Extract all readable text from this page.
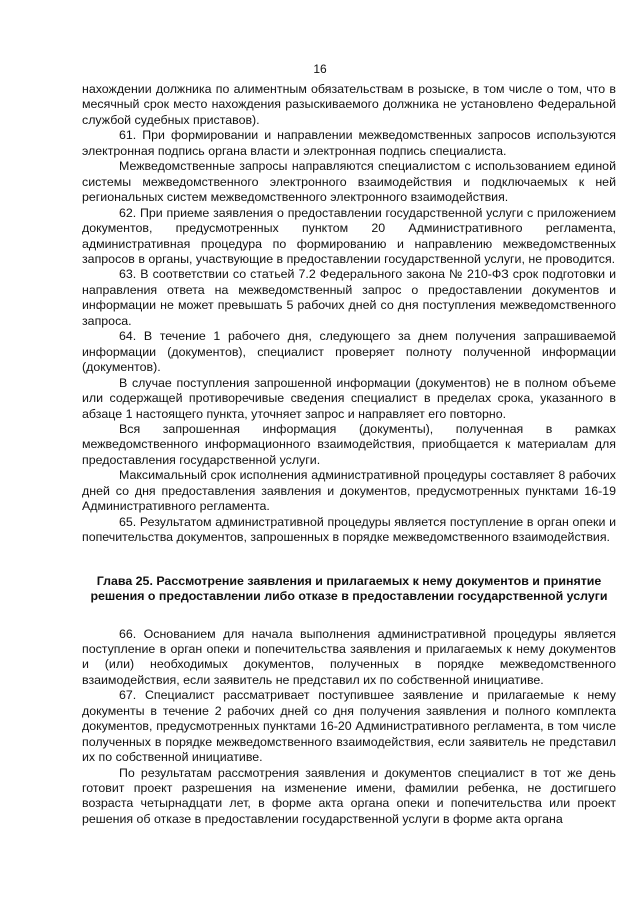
16

нахождении должника по алиментным обязательствам в розыске, в том числе о том, что в месячный срок место нахождения разыскиваемого должника не установлено Федеральной службой судебных приставов).

61. При формировании и направлении межведомственных запросов используются электронная подпись органа власти и электронная подпись специалиста.

Межведомственные запросы направляются специалистом с использованием единой системы межведомственного электронного взаимодействия и подключаемых к ней региональных систем межведомственного электронного взаимодействия.

62. При приеме заявления о предоставлении государственной услуги с приложением документов, предусмотренных пунктом 20 Административного регламента, административная процедура по формированию и направлению межведомственных запросов в органы, участвующие в предоставлении государственной услуги, не проводится.

63. В соответствии со статьей 7.2 Федерального закона № 210-ФЗ срок подготовки и направления ответа на межведомственный запрос о предоставлении документов и информации не может превышать 5 рабочих дней со дня поступления межведомственного запроса.

64. В течение 1 рабочего дня, следующего за днем получения запрашиваемой информации (документов), специалист проверяет полноту полученной информации (документов).

В случае поступления запрошенной информации (документов) не в полном объеме или содержащей противоречивые сведения специалист в пределах срока, указанного в абзаце 1 настоящего пункта, уточняет запрос и направляет его повторно.

Вся запрошенная информация (документы), полученная в рамках межведомственного информационного взаимодействия, приобщается к материалам для предоставления государственной услуги.

Максимальный срок исполнения административной процедуры составляет 8 рабочих дней со дня предоставления заявления и документов, предусмотренных пунктами 16-19 Административного регламента.

65. Результатом административной процедуры является поступление в орган опеки и попечительства документов, запрошенных в порядке межведомственного взаимодействия.

Глава 25. Рассмотрение заявления и прилагаемых к нему документов и принятие решения о предоставлении либо отказе в предоставлении государственной услуги

66. Основанием для начала выполнения административной процедуры является поступление в орган опеки и попечительства заявления и прилагаемых к нему документов и (или) необходимых документов, полученных в порядке межведомственного взаимодействия, если заявитель не представил их по собственной инициативе.

67. Специалист рассматривает поступившее заявление и прилагаемые к нему документы в течение 2 рабочих дней со дня получения заявления и полного комплекта документов, предусмотренных пунктами 16-20 Административного регламента, в том числе полученных в порядке межведомственного взаимодействия, если заявитель не представил их по собственной инициативе.

По результатам рассмотрения заявления и документов специалист в тот же день готовит проект разрешения на изменение имени, фамилии ребенка, не достигшего возраста четырнадцати лет, в форме акта органа опеки и попечительства или проект решения об отказе в предоставлении государственной услуги в форме акта органа
